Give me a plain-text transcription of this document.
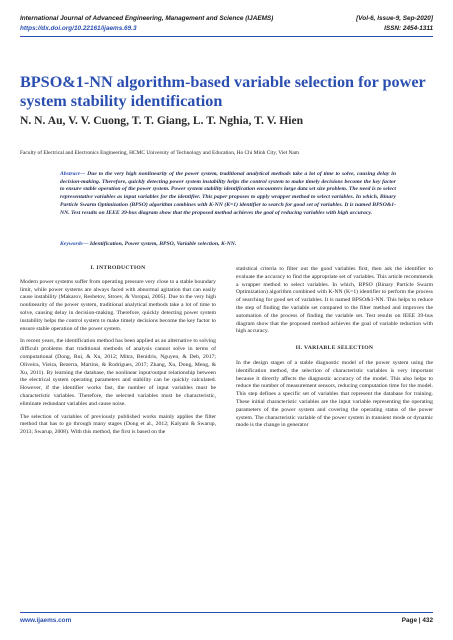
International Journal of Advanced Engineering, Management and Science (IJAEMS)	[Vol-6, Issue-9, Sep-2020]
https://dx.doi.org/10.22161/ijaems.69.3	ISSN: 2454-1311
BPSO&1-NN algorithm-based variable selection for power system stability identification
N. N. Au, V. V. Cuong, T. T. Giang, L. T. Nghia, T. V. Hien
Faculty of Electrical and Electronics Engineering, HCMC University of Technology and Education, Ho Chi Minh City, Viet Nam
Abstract— Due to the very high nonlinearity of the power system, traditional analytical methods take a lot of time to solve, causing delay in decision-making. Therefore, quickly detecting power system instability helps the control system to make timely decisions become the key factor to ensure stable operation of the power system. Power system stability identification encounters large data set size problem. The need is to select representative variables as input variables for the identifier. This paper proposes to apply wrapper method to select variables. In which, Binary Particle Swarm Optimization (BPSO) algorithm combines with K-NN (K=1) identifier to search for good set of variables. It is named BPSO&1-NN. Test results on IEEE 39-bus diagram show that the proposed method achieves the goal of reducing variables with high accuracy.
Keywords— Identification, Power system, BPSO, Variable selection, K-NN.
I. INTRODUCTION

Modern power systems suffer from operating pressure very close to a stable boundary limit, while power systems are always faced with abnormal agitation that can easily cause instability (Makarov, Reshetov, Stroev, & Voropai, 2005). Due to the very high nonlinearity of the power system, traditional analytical methods take a lot of time to solve, causing delay in decision-making. Therefore, quickly detecting power system instability helps the control system to make timely decisions become the key factor to ensure stable operation of the power system.

In recent years, the identification method has been applied as an alternative to solving difficult problems that traditional methods of analysis cannot solve in terms of computational (Dong, Rui, & Xu, 2012; Mitra, Benidris, Nguyen, & Deb, 2017; Oliveira, Vieira, Bezerra, Martins, & Rodrigues, 2017; Zhang, Xu, Dong, Meng, & Xu, 2011). By learning the database, the nonlinear input/output relationship between the electrical system operating parameters and stability can be quickly calculated. However, if the identifier works fast, the number of input variables must be characteristic variables. Therefore, the selected variables must be characteristic, eliminate redundant variables and cause noise.

The selection of variables of previously published works mainly applies the filter method that has to go through many stages (Dong et al., 2012; Kalyani & Swarup, 2013; Swarup, 2008). With this method, the first is based on the

statistical criteria to filter out the good variables first, then ask the identifier to evaluate the accuracy to find the appropriate set of variables. This article recommends a wrapper method to select variables. In which, BPSO (Binary Particle Swarm Optimization) algorithm combined with K-NN (K=1) identifier to perform the process of searching for good set of variables. It is named BPSO&1-NN. This helps to reduce the step of finding the variable set compared to the filter method and improves the automation of the process of finding the variable set. Test results on IEEE 39-bus diagram show that the proposed method achieves the goal of variable reduction with high accuracy.

II. VARIABLE SELECTION

In the design stages of a stable diagnostic model of the power system using the identification method, the selection of characteristic variables is very important because it directly affects the diagnostic accuracy of the model. This also helps to reduce the number of measurement sensors, reducing computation time for the model. This step defines a specific set of variables that represent the database for training. These initial characteristic variables are the input variable representing the operating parameters of the power system and covering the operating status of the power system. The characteristic variable of the power system in transient mode or dynamic mode is the change in generator

www.ijaems.com	Page | 432
